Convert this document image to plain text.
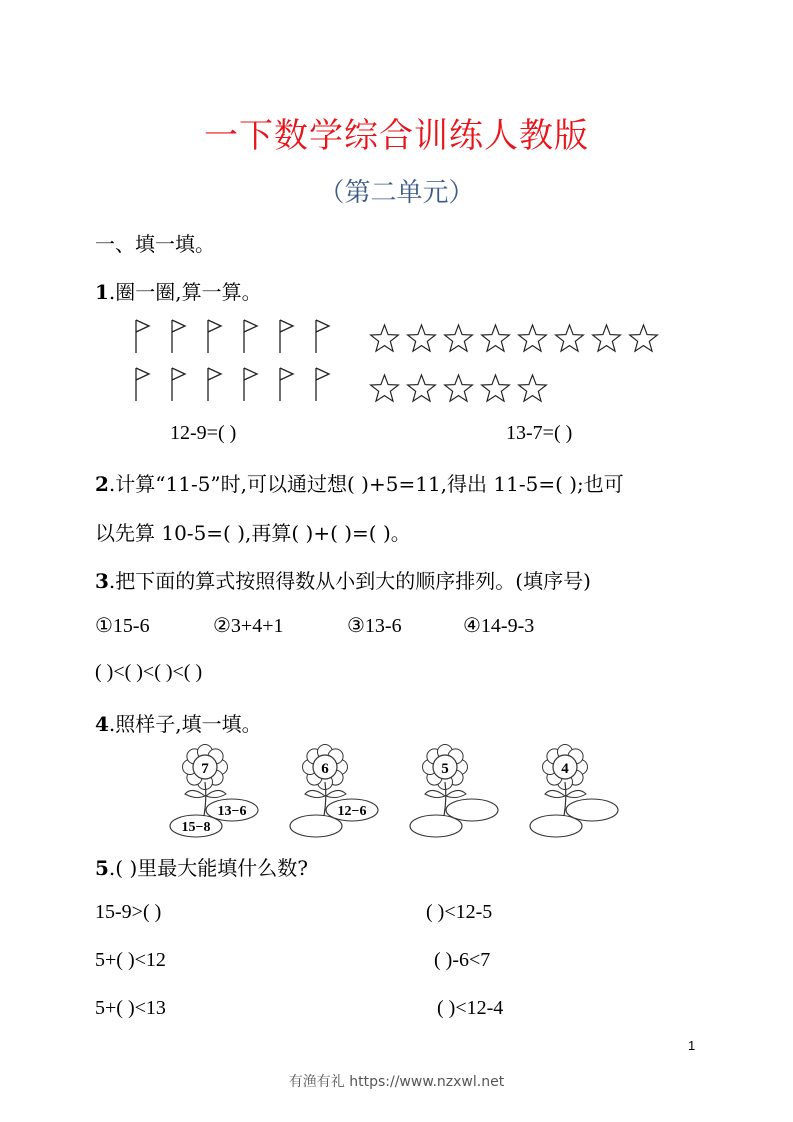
一下数学综合训练人教版
（第二单元）
一、填一填。
1.圈一圈,算一算。
12-9=( )	13-7=( )
2.计算“11-5”时,可以通过想( )+5=11,得出 11-5=( );也可
以先算 10-5=( ),再算( )+( )=( )。
3.把下面的算式按照得数从小到大的顺序排列。(填序号)
①15-6	②3+4+1	③13-6	④14-9-3
( )<( )<( )<( )
4.照样子,填一填。
7
13−6
15−8
6
12−6
5	4
5.( )里最大能填什么数?
15-9>( )	( )<12-5
5+( )<12	( )-6<7
5+( )<13	( )<12-4
1
有渔有礼 https://www.nzxwl.net
